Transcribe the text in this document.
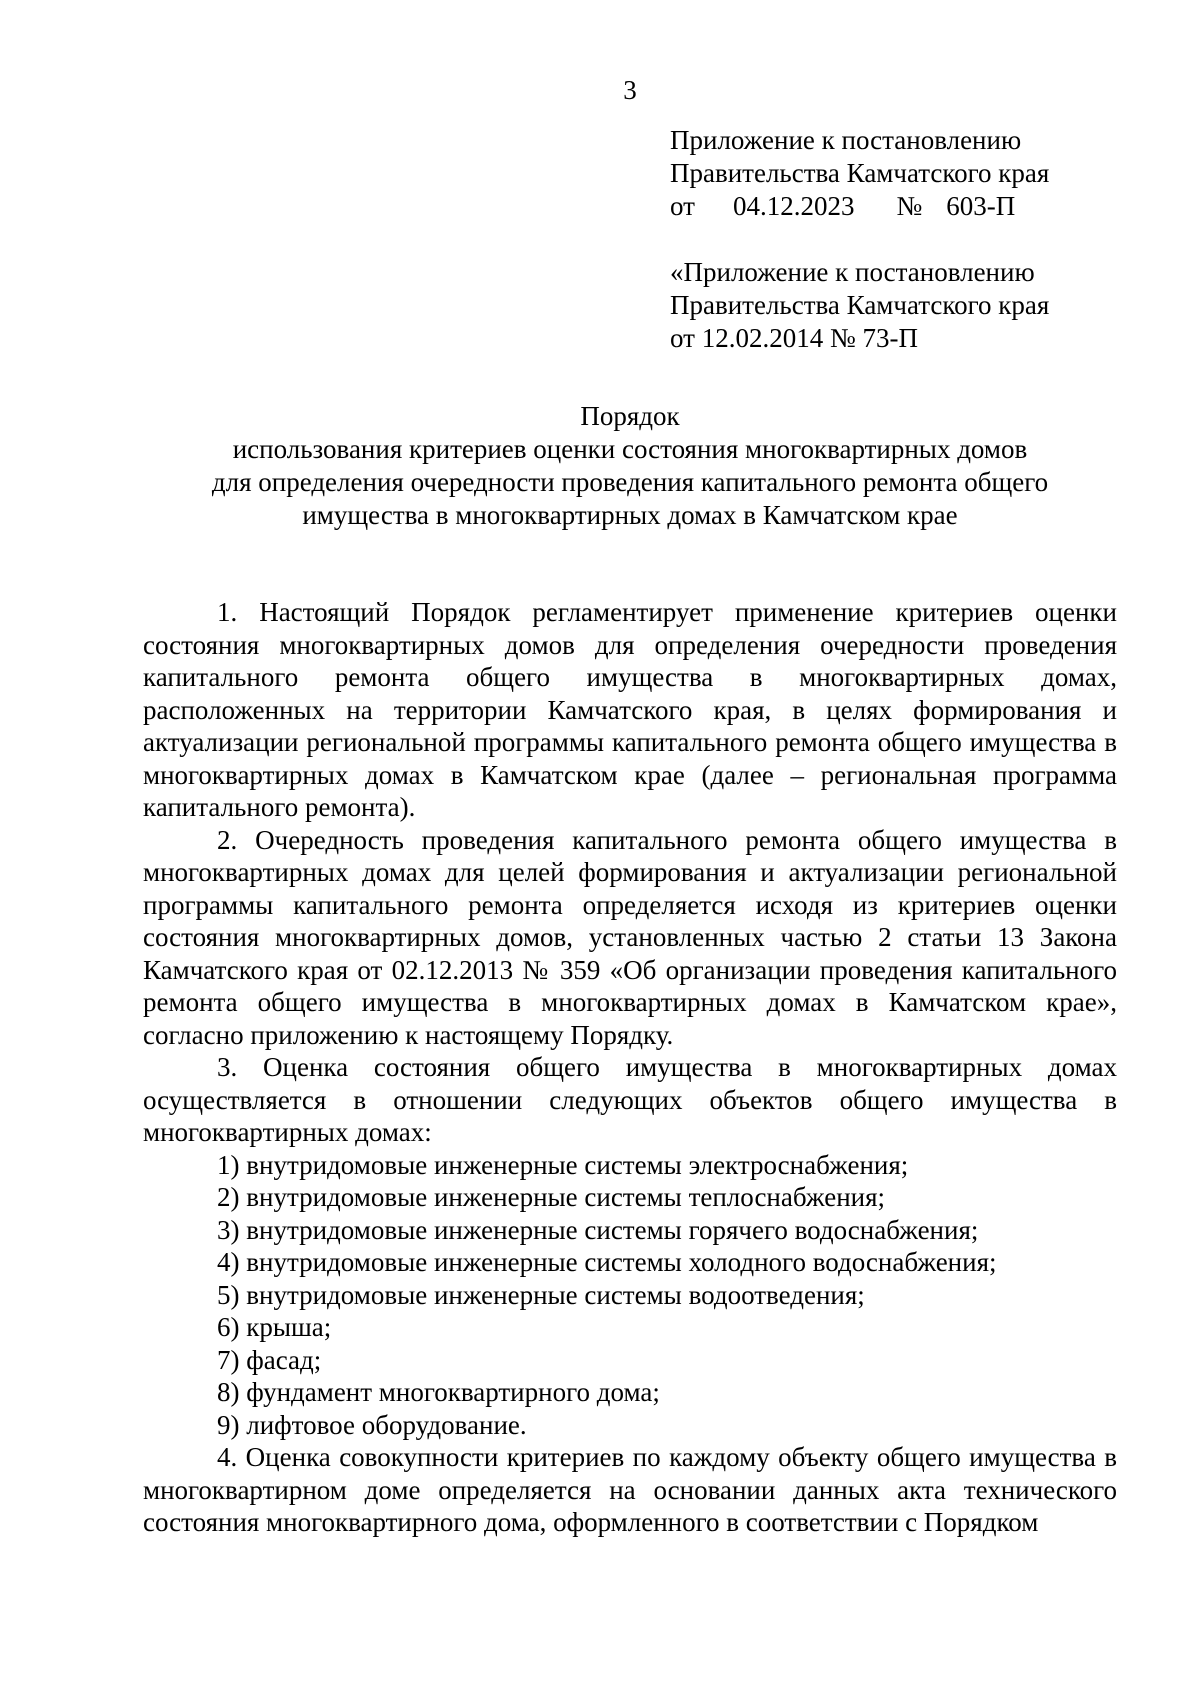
3
Приложение к постановлению
Правительства Камчатского края
от 04.12.2023 № 603-П
«Приложение к постановлению
Правительства Камчатского края
от 12.02.2014 № 73-П
Порядок
использования критериев оценки состояния многоквартирных домов
для определения очередности проведения капитального ремонта общего
имущества в многоквартирных домах в Камчатском крае

1. Настоящий Порядок регламентирует применение критериев оценки состояния многоквартирных домов для определения очередности проведения капитального ремонта общего имущества в многоквартирных домах, расположенных на территории Камчатского края, в целях формирования и актуализации региональной программы капитального ремонта общего имущества в многоквартирных домах в Камчатском крае (далее – региональная программа капитального ремонта).

2. Очередность проведения капитального ремонта общего имущества в многоквартирных домах для целей формирования и актуализации региональной программы капитального ремонта определяется исходя из критериев оценки состояния многоквартирных домов, установленных частью 2 статьи 13 Закона Камчатского края от 02.12.2013 № 359 «Об организации проведения капитального ремонта общего имущества в многоквартирных домах в Камчатском крае», согласно приложению к настоящему Порядку.

3. Оценка состояния общего имущества в многоквартирных домах осуществляется в отношении следующих объектов общего имущества в многоквартирных домах:

1) внутридомовые инженерные системы электроснабжения;
2) внутридомовые инженерные системы теплоснабжения;
3) внутридомовые инженерные системы горячего водоснабжения;
4) внутридомовые инженерные системы холодного водоснабжения;
5) внутридомовые инженерные системы водоотведения;
6) крыша;
7) фасад;
8) фундамент многоквартирного дома;
9) лифтовое оборудование.

4. Оценка совокупности критериев по каждому объекту общего имущества в многоквартирном доме определяется на основании данных акта технического состояния многоквартирного дома, оформленного в соответствии с Порядком
